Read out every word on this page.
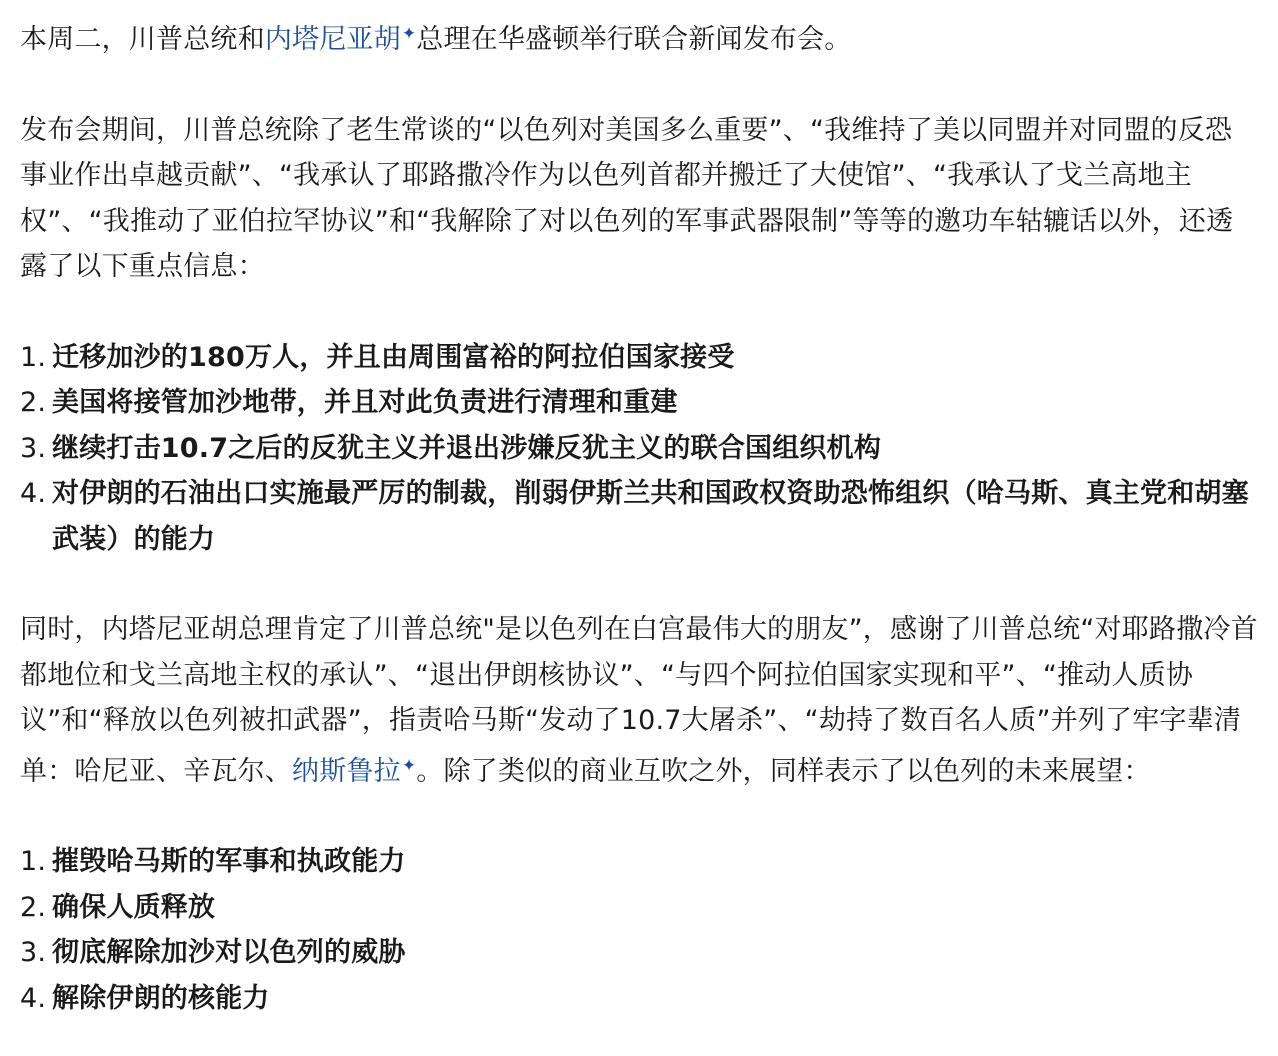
本周二，川普总统和内塔尼亚胡✦总理在华盛顿举行联合新闻发布会。

发布会期间，川普总统除了老生常谈的“以色列对美国多么重要”、“我维持了美以同盟并对同盟的反恐事业作出卓越贡献”、“我承认了耶路撒冷作为以色列首都并搬迁了大使馆”、“我承认了戈兰高地主权”、“我推动了亚伯拉罕协议”和“我解除了对以色列的军事武器限制”等等的邀功车轱辘话以外，还透露了以下重点信息：

1. 迁移加沙的180万人，并且由周围富裕的阿拉伯国家接受
2. 美国将接管加沙地带，并且对此负责进行清理和重建
3. 继续打击10.7之后的反犹主义并退出涉嫌反犹主义的联合国组织机构
4. 对伊朗的石油出口实施最严厉的制裁，削弱伊斯兰共和国政权资助恐怖组织（哈马斯、真主党和胡塞武装）的能力

同时，内塔尼亚胡总理肯定了川普总统"是以色列在白宫最伟大的朋友”，感谢了川普总统“对耶路撒冷首都地位和戈兰高地主权的承认”、“退出伊朗核协议”、“与四个阿拉伯国家实现和平”、“推动人质协议”和“释放以色列被扣武器”，指责哈马斯“发动了10.7大屠杀”、“劫持了数百名人质”并列了牢字辈清单：哈尼亚、辛瓦尔、纳斯鲁拉✦。除了类似的商业互吹之外，同样表示了以色列的未来展望：

1. 摧毁哈马斯的军事和执政能力
2. 确保人质释放
3. 彻底解除加沙对以色列的威胁
4. 解除伊朗的核能力
